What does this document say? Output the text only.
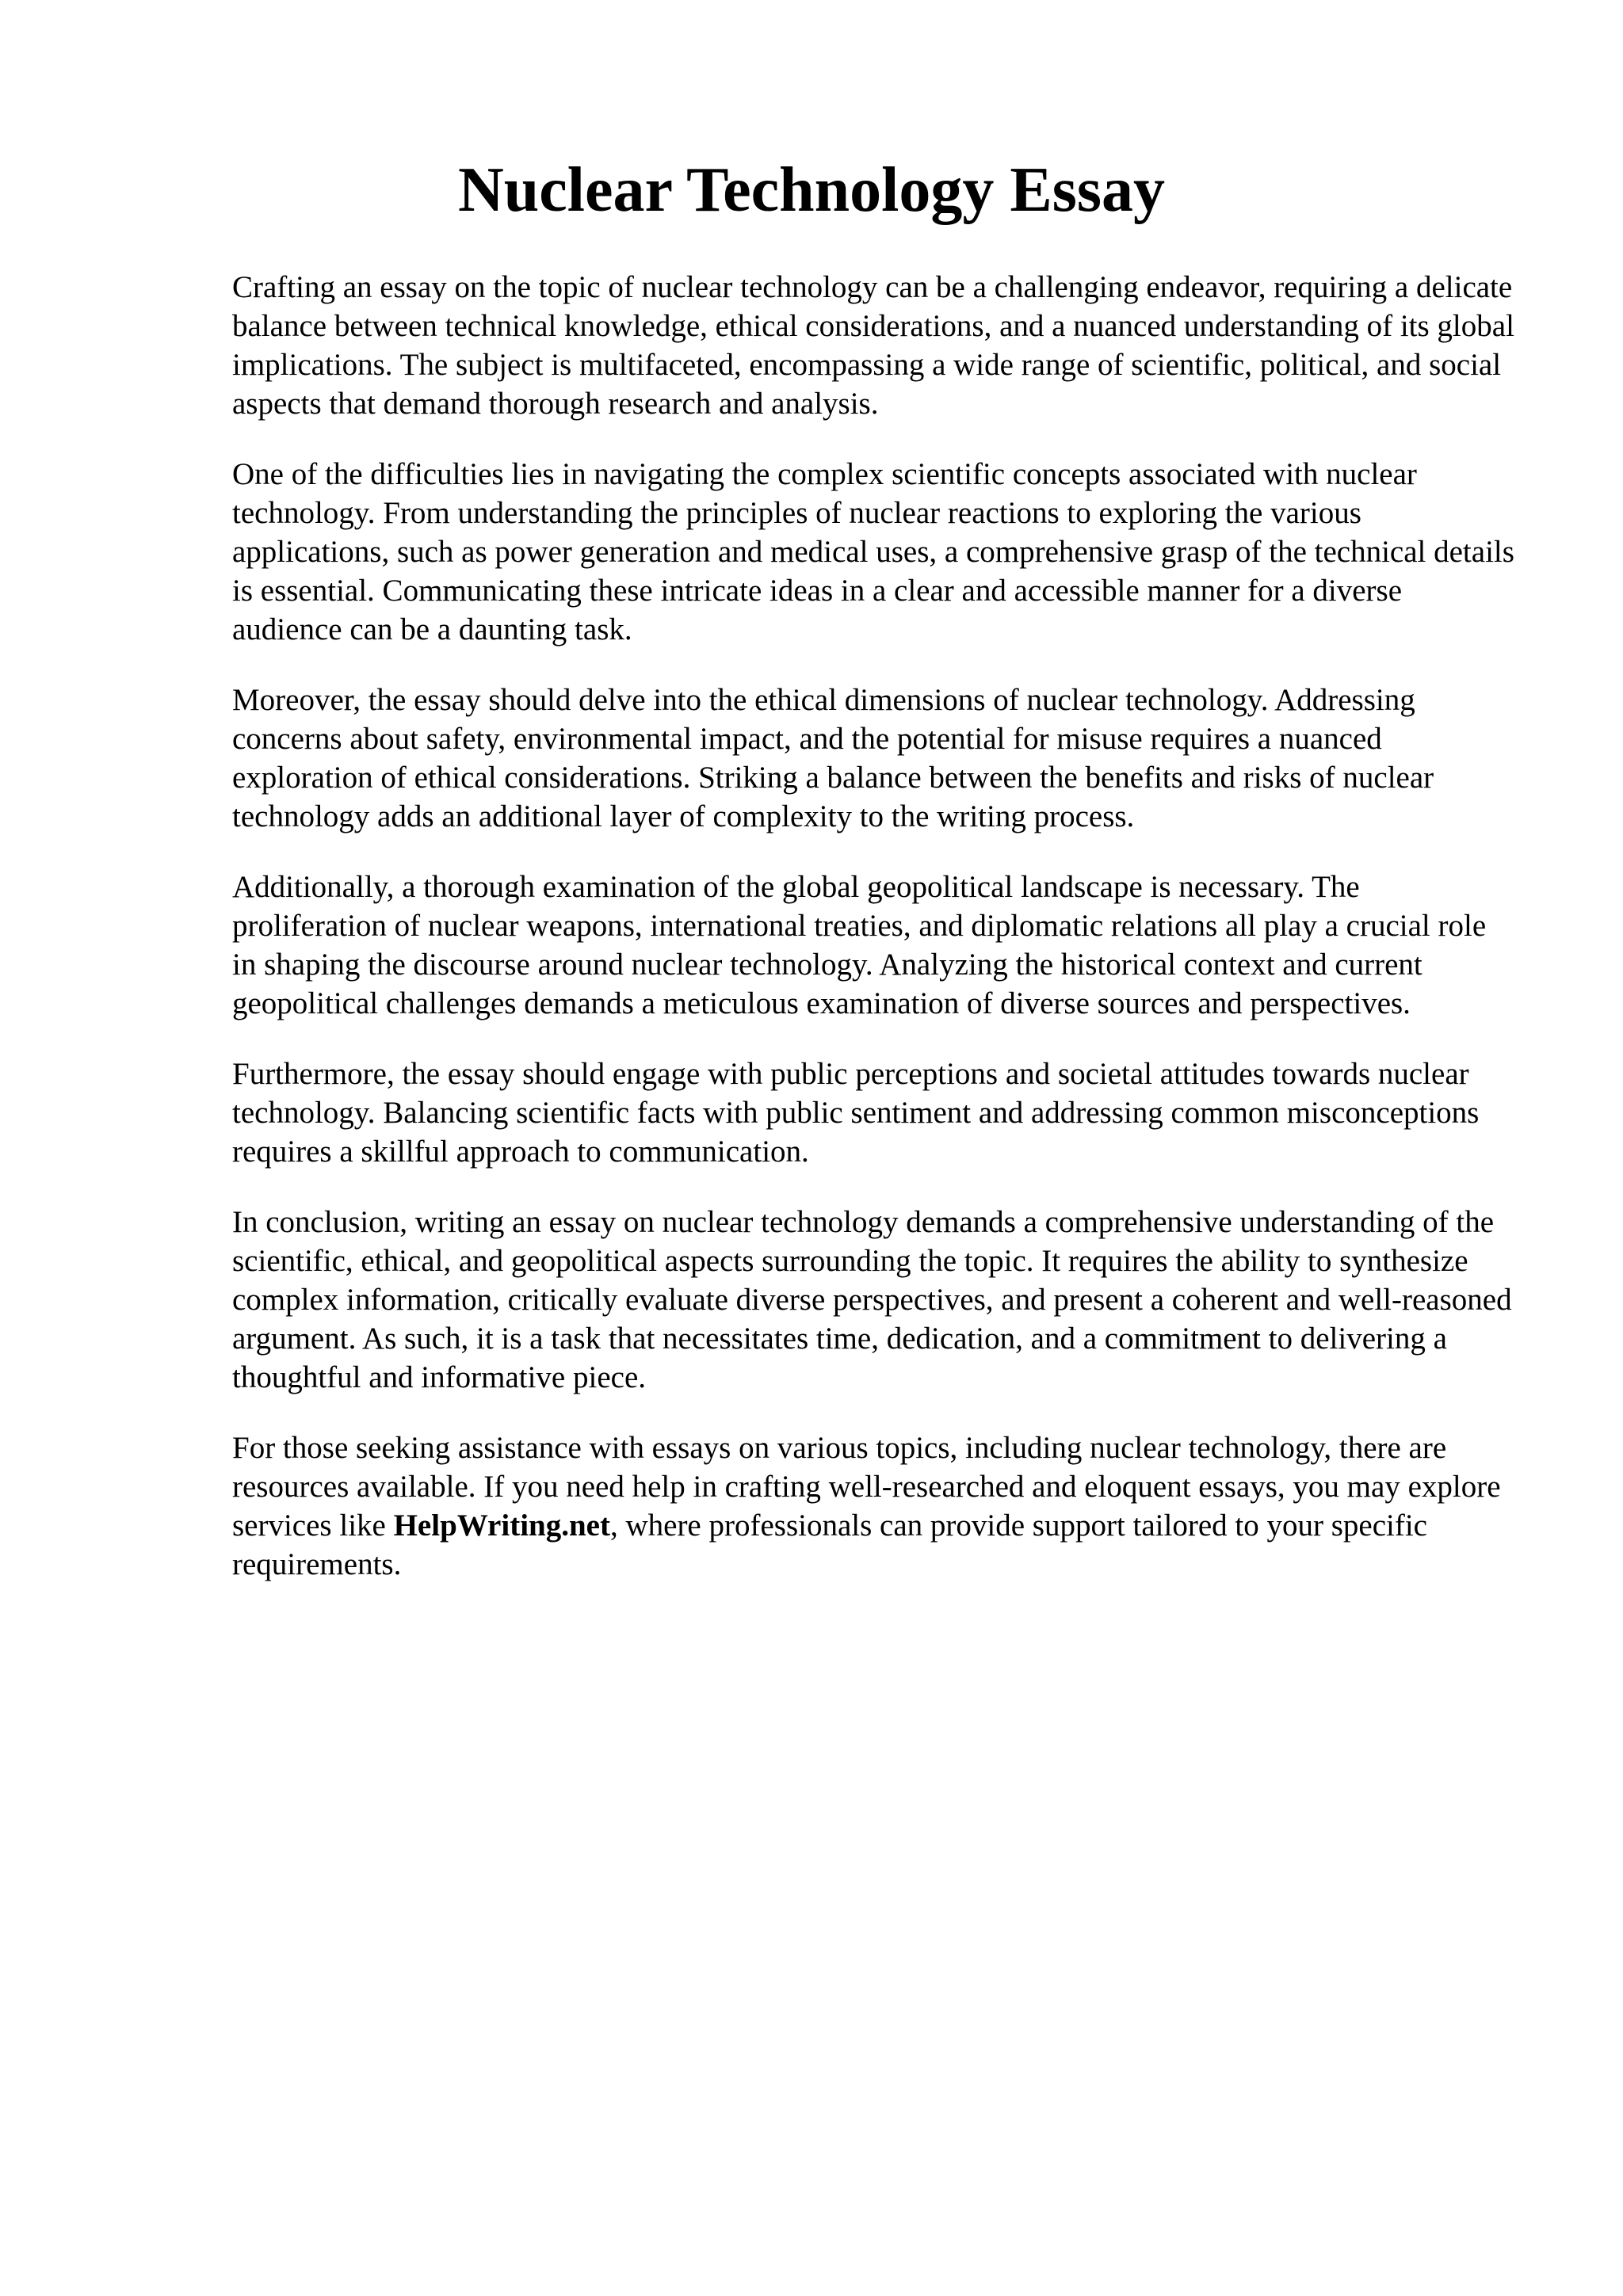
Nuclear Technology Essay

Crafting an essay on the topic of nuclear technology can be a challenging endeavor, requiring a delicate balance between technical knowledge, ethical considerations, and a nuanced understanding of its global implications. The subject is multifaceted, encompassing a wide range of scientific, political, and social aspects that demand thorough research and analysis.

One of the difficulties lies in navigating the complex scientific concepts associated with nuclear technology. From understanding the principles of nuclear reactions to exploring the various applications, such as power generation and medical uses, a comprehensive grasp of the technical details is essential. Communicating these intricate ideas in a clear and accessible manner for a diverse audience can be a daunting task.

Moreover, the essay should delve into the ethical dimensions of nuclear technology. Addressing concerns about safety, environmental impact, and the potential for misuse requires a nuanced exploration of ethical considerations. Striking a balance between the benefits and risks of nuclear technology adds an additional layer of complexity to the writing process.

Additionally, a thorough examination of the global geopolitical landscape is necessary. The proliferation of nuclear weapons, international treaties, and diplomatic relations all play a crucial role in shaping the discourse around nuclear technology. Analyzing the historical context and current geopolitical challenges demands a meticulous examination of diverse sources and perspectives.

Furthermore, the essay should engage with public perceptions and societal attitudes towards nuclear technology. Balancing scientific facts with public sentiment and addressing common misconceptions requires a skillful approach to communication.

In conclusion, writing an essay on nuclear technology demands a comprehensive understanding of the scientific, ethical, and geopolitical aspects surrounding the topic. It requires the ability to synthesize complex information, critically evaluate diverse perspectives, and present a coherent and well-reasoned argument. As such, it is a task that necessitates time, dedication, and a commitment to delivering a thoughtful and informative piece.

For those seeking assistance with essays on various topics, including nuclear technology, there are resources available. If you need help in crafting well-researched and eloquent essays, you may explore services like HelpWriting.net, where professionals can provide support tailored to your specific requirements.
